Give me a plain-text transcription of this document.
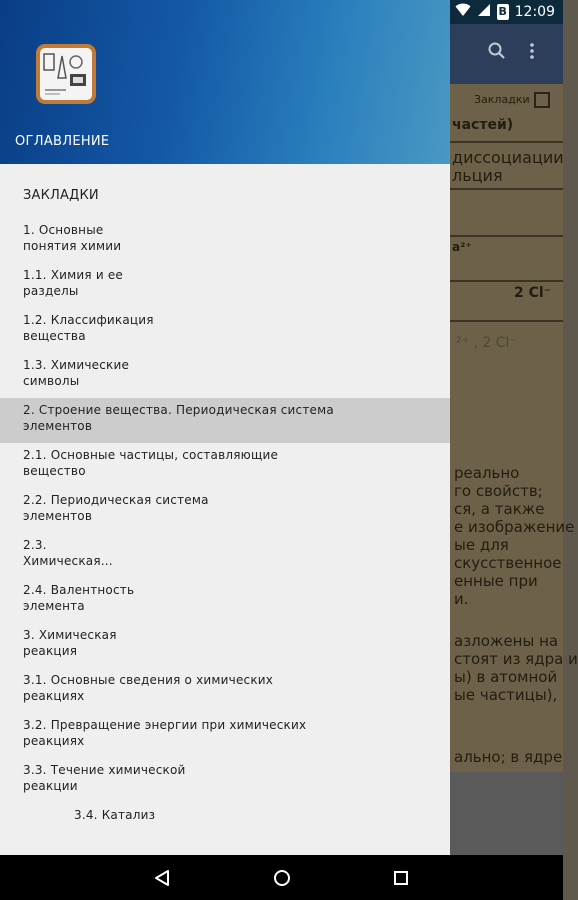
Закладки
частей)
диссоциации
льция
a²⁺
2 Cl⁻
²⁺ , 2 Cl⁻
реально
го свойств;
ся, а также
е изображение
ые для
скусственное
енные при
и.
азложены на
стоят из ядра и
ы) в атомной
ые частицы),
ально; в ядре
B 12:09
ОГЛАВЛЕНИЕ
ЗАКЛАДКИ
1. Основные
понятия химии
1.1. Химия и ее
разделы
1.2. Классификация
вещества
1.3. Химические
символы
2. Строение вещества. Периодическая система
элементов
2.1. Основные частицы, составляющие
вещество
2.2. Периодическая система
элементов
2.3.
Химическая...
2.4. Валентность
элемента
3. Химическая
реакция
3.1. Основные сведения о химических
реакциях
3.2. Превращение энергии при химических
реакциях
3.3. Течение химической
реакции
3.4. Катализ
